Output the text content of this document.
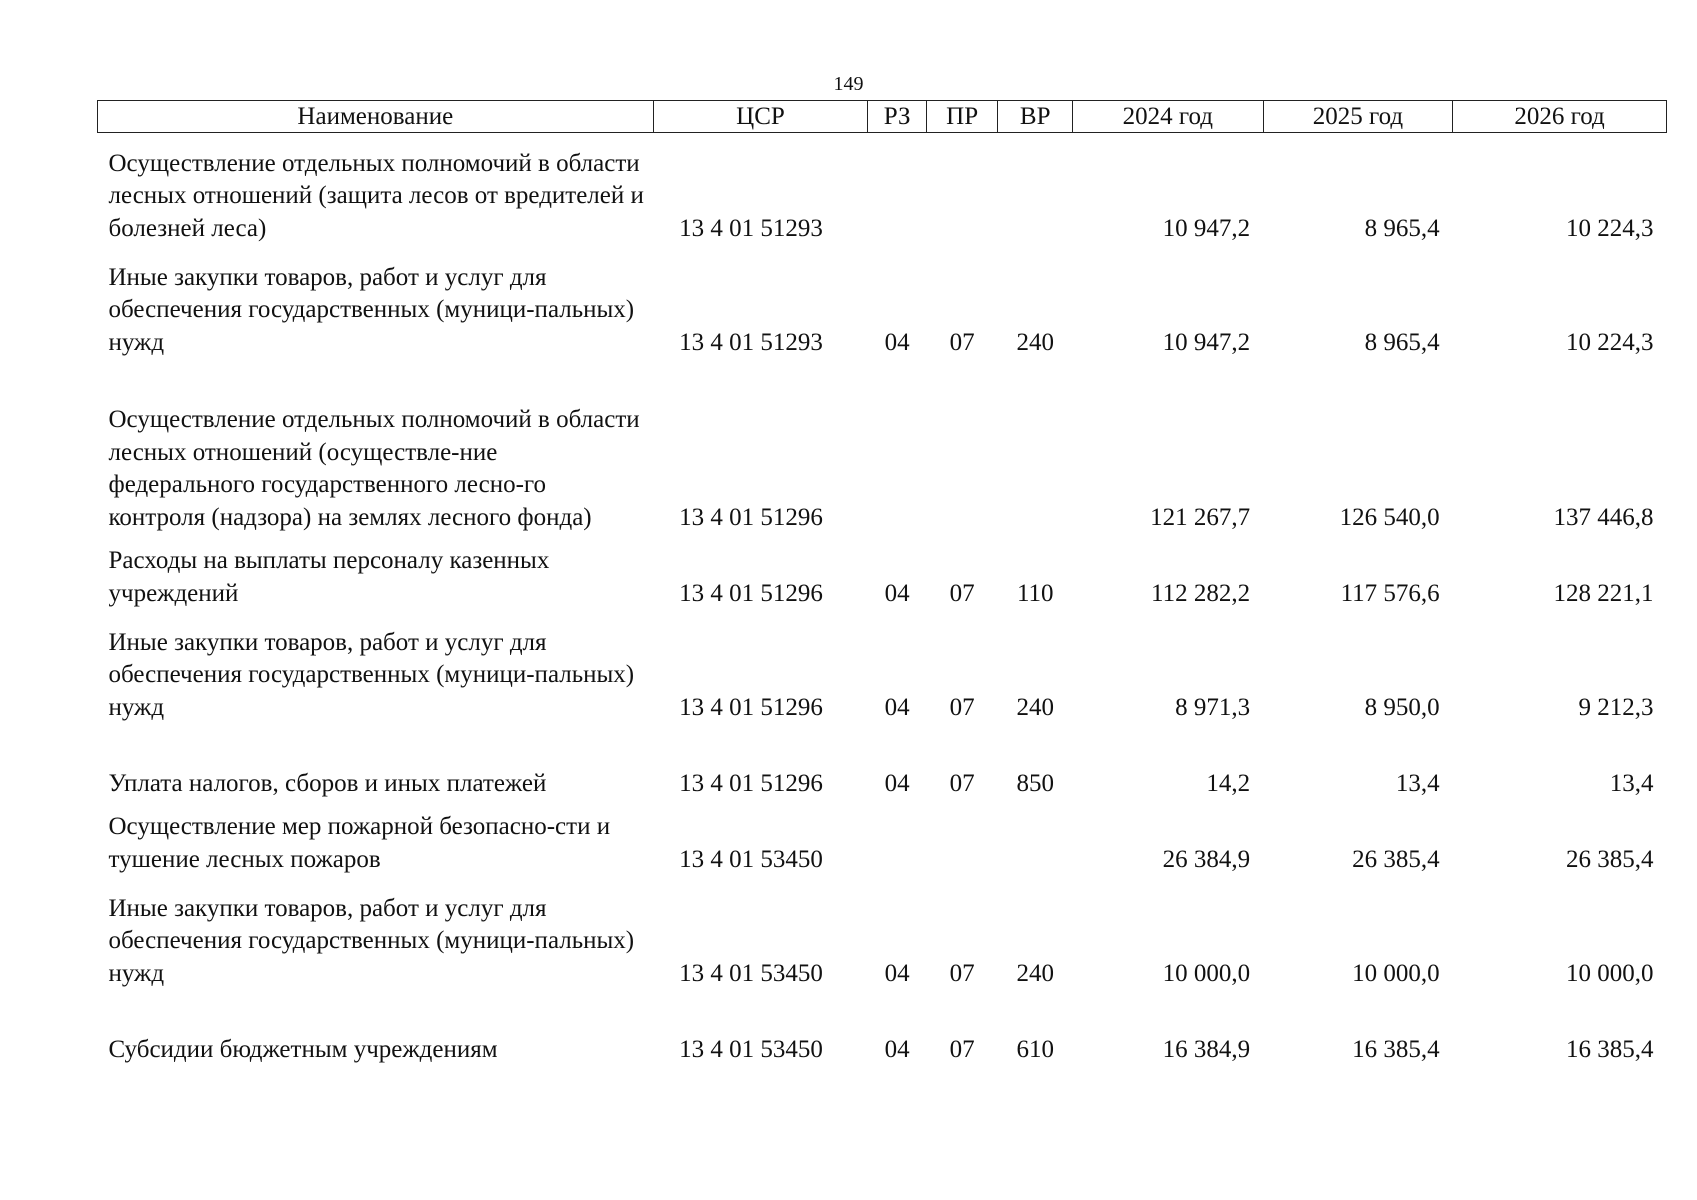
149
Наименование	ЦСР	РЗ	ПР	ВР	2024 год	2025 год	2026 год
Осуществление отдельных полномочий в области лесных отношений (защита лесов от вредителей и болезней леса)	13 4 01 51293				10 947,2	8 965,4	10 224,3
Иные закупки товаров, работ и услуг для обеспечения государственных (муници-пальных) нужд	13 4 01 51293	04	07	240	10 947,2	8 965,4	10 224,3
Осуществление отдельных полномочий в области лесных отношений (осуществле-ние федерального государственного лесно-го контроля (надзора) на землях лесного фонда)	13 4 01 51296				121 267,7	126 540,0	137 446,8
Расходы на выплаты персоналу казенных учреждений	13 4 01 51296	04	07	110	112 282,2	117 576,6	128 221,1
Иные закупки товаров, работ и услуг для обеспечения государственных (муници-пальных) нужд	13 4 01 51296	04	07	240	8 971,3	8 950,0	9 212,3
Уплата налогов, сборов и иных платежей	13 4 01 51296	04	07	850	14,2	13,4	13,4
Осуществление мер пожарной безопасно-сти и тушение лесных пожаров	13 4 01 53450				26 384,9	26 385,4	26 385,4
Иные закупки товаров, работ и услуг для обеспечения государственных (муници-пальных) нужд	13 4 01 53450	04	07	240	10 000,0	10 000,0	10 000,0
Субсидии бюджетным учреждениям	13 4 01 53450	04	07	610	16 384,9	16 385,4	16 385,4
